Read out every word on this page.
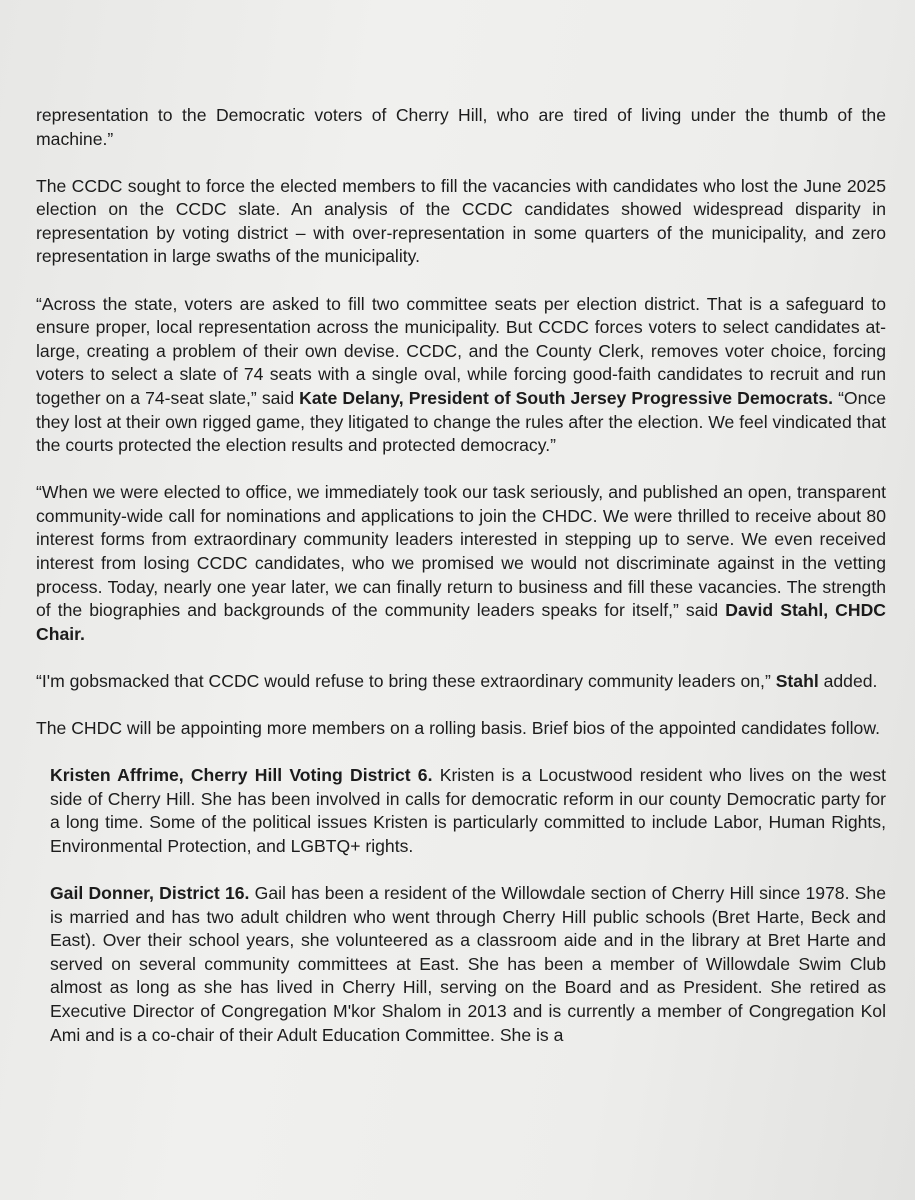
representation to the Democratic voters of Cherry Hill, who are tired of living under the thumb of the machine.”

The CCDC sought to force the elected members to fill the vacancies with candidates who lost the June 2025 election on the CCDC slate. An analysis of the CCDC candidates showed widespread disparity in representation by voting district – with over-representation in some quarters of the municipality, and zero representation in large swaths of the municipality.

“Across the state, voters are asked to fill two committee seats per election district. That is a safeguard to ensure proper, local representation across the municipality. But CCDC forces voters to select candidates at-large, creating a problem of their own devise. CCDC, and the County Clerk, removes voter choice, forcing voters to select a slate of 74 seats with a single oval, while forcing good-faith candidates to recruit and run together on a 74-seat slate,” said Kate Delany, President of South Jersey Progressive Democrats. “Once they lost at their own rigged game, they litigated to change the rules after the election. We feel vindicated that the courts protected the election results and protected democracy.”

“When we were elected to office, we immediately took our task seriously, and published an open, transparent community-wide call for nominations and applications to join the CHDC. We were thrilled to receive about 80 interest forms from extraordinary community leaders interested in stepping up to serve. We even received interest from losing CCDC candidates, who we promised we would not discriminate against in the vetting process. Today, nearly one year later, we can finally return to business and fill these vacancies. The strength of the biographies and backgrounds of the community leaders speaks for itself,” said David Stahl, CHDC Chair.

“I'm gobsmacked that CCDC would refuse to bring these extraordinary community leaders on,” Stahl added.

The CHDC will be appointing more members on a rolling basis. Brief bios of the appointed candidates follow.

Kristen Affrime, Cherry Hill Voting District 6. Kristen is a Locustwood resident who lives on the west side of Cherry Hill. She has been involved in calls for democratic reform in our county Democratic party for a long time. Some of the political issues Kristen is particularly committed to include Labor, Human Rights, Environmental Protection, and LGBTQ+ rights.

Gail Donner, District 16. Gail has been a resident of the Willowdale section of Cherry Hill since 1978. She is married and has two adult children who went through Cherry Hill public schools (Bret Harte, Beck and East). Over their school years, she volunteered as a classroom aide and in the library at Bret Harte and served on several community committees at East. She has been a member of Willowdale Swim Club almost as long as she has lived in Cherry Hill, serving on the Board and as President. She retired as Executive Director of Congregation M'kor Shalom in 2013 and is currently a member of Congregation Kol Ami and is a co-chair of their Adult Education Committee. She is a
